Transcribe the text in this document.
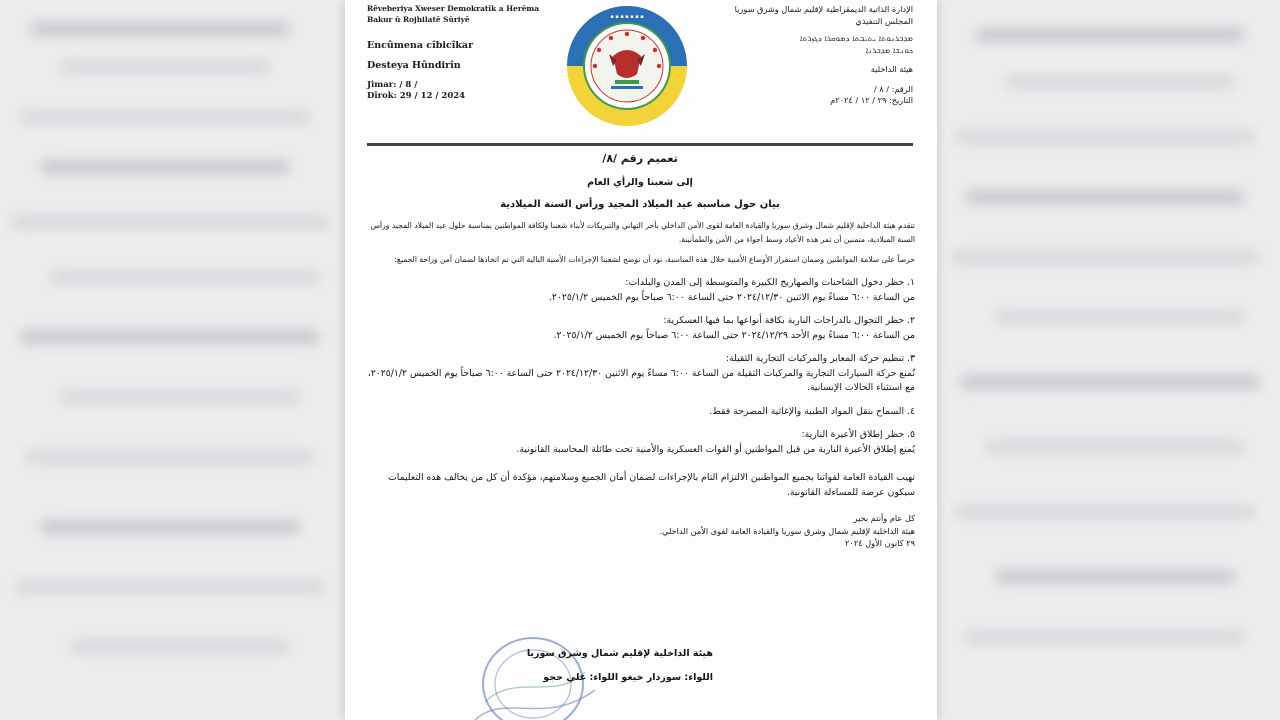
Rêveberiya Xweser Demokratîk a Herêma
Bakur û Rojhilatê Sûriyê
Encûmena cîbicîkar
Desteya Hûndirîn
Jimar: / 8 /
Dîrok: 29 / 12 / 2024
▪ ▪ ▪ ▪ ▪ ▪ ▪
الإدارة الذاتية الديمقراطية لإقليم شمال وشرق سوريا
المجلس التنفيذي
ܡܕܒܪܢܘܬܐ ܝܬܝܒܬܐ ܕܡܘܩܪܐ ܕܓܙܪܬܐ
ܟܘܢܫܐ ܡܕܒܪܢܐ
هيئة الداخلية
الرقم: / ٨ /
التاريخ: ٢٩ / ١٢ / ٢٠٢٤م
تعميم رقم /٨/
إلى شعبنا والرأي العام
بيان حول مناسبة عيد الميلاد المجيد ورأس السنة الميلادية
تتقدم هيئة الداخلية لإقليم شمال وشرق سوريا والقيادة العامة لقوى الأمن الداخلي بأحر التهاني والتبريكات لأبناء شعبنا ولكافة المواطنين بمناسبة حلول عيد الميلاد المجيد ورأس السنة الميلادية، متمنين أن تمر هذه الأعياد وسط أجواء من الأمن والطمأنينة.
حرصاً على سلامة المواطنين وضمان استقرار الأوضاع الأمنية خلال هذه المناسبة، نود أن نوضح لشعبنا الإجراءات الأمنية التالية التي تم اتخاذها لضمان أمن وراحة الجميع:
١. حظر دخول الشاحنات والصهاريج الكبيرة والمتوسطة إلى المدن والبلدات:
من الساعة ٦:٠٠ مساءً يوم الاثنين ٢٠٢٤/١٢/٣٠ حتى الساعة ٦:٠٠ صباحاً يوم الخميس ٢٠٢٥/١/٢.
٢. حظر التجوال بالدراجات النارية بكافة أنواعها بما فيها العسكرية:
من الساعة ٦:٠٠ مساءً يوم الأحد ٢٠٢٤/١٢/٢٩ حتى الساعة ٦:٠٠ صباحاً يوم الخميس ٢٠٢٥/١/٢.
٣. تنظيم حركة المعابر والمركبات التجارية الثقيلة:
تُمنع حركة السيارات التجارية والمركبات الثقيلة من الساعة ٦:٠٠ مساءً يوم الاثنين ٢٠٢٤/١٢/٣٠ حتى الساعة ٦:٠٠ صباحاً يوم الخميس ٢٠٢٥/١/٢، مع استثناء الحالات الإنسانية.
٤. السماح بنقل المواد الطبية والإغاثية المصرحة فقط.
٥. حظر إطلاق الأعيرة النارية:
يُمنع إطلاق الأعيرة النارية من قبل المواطنين أو القوات العسكرية والأمنية تحت طائلة المحاسبة القانونية.
تهيب القيادة العامة لقواتنا بجميع المواطنين الالتزام التام بالإجراءات لضمان أمان الجميع وسلامتهم، مؤكدة أن كل من يخالف هذه التعليمات سيكون عرضة للمساءلة القانونية.
كل عام وأنتم بخير
هيئة الداخلية لإقليم شمال وشرق سوريا والقيادة العامة لقوى الأمن الداخلي.
٢٩ كانون الأول ٢٠٢٤
هيئة الداخلية لإقليم شمال وشرق سوريا
اللواء: سوزدار خيغو اللواء: علي حجو
